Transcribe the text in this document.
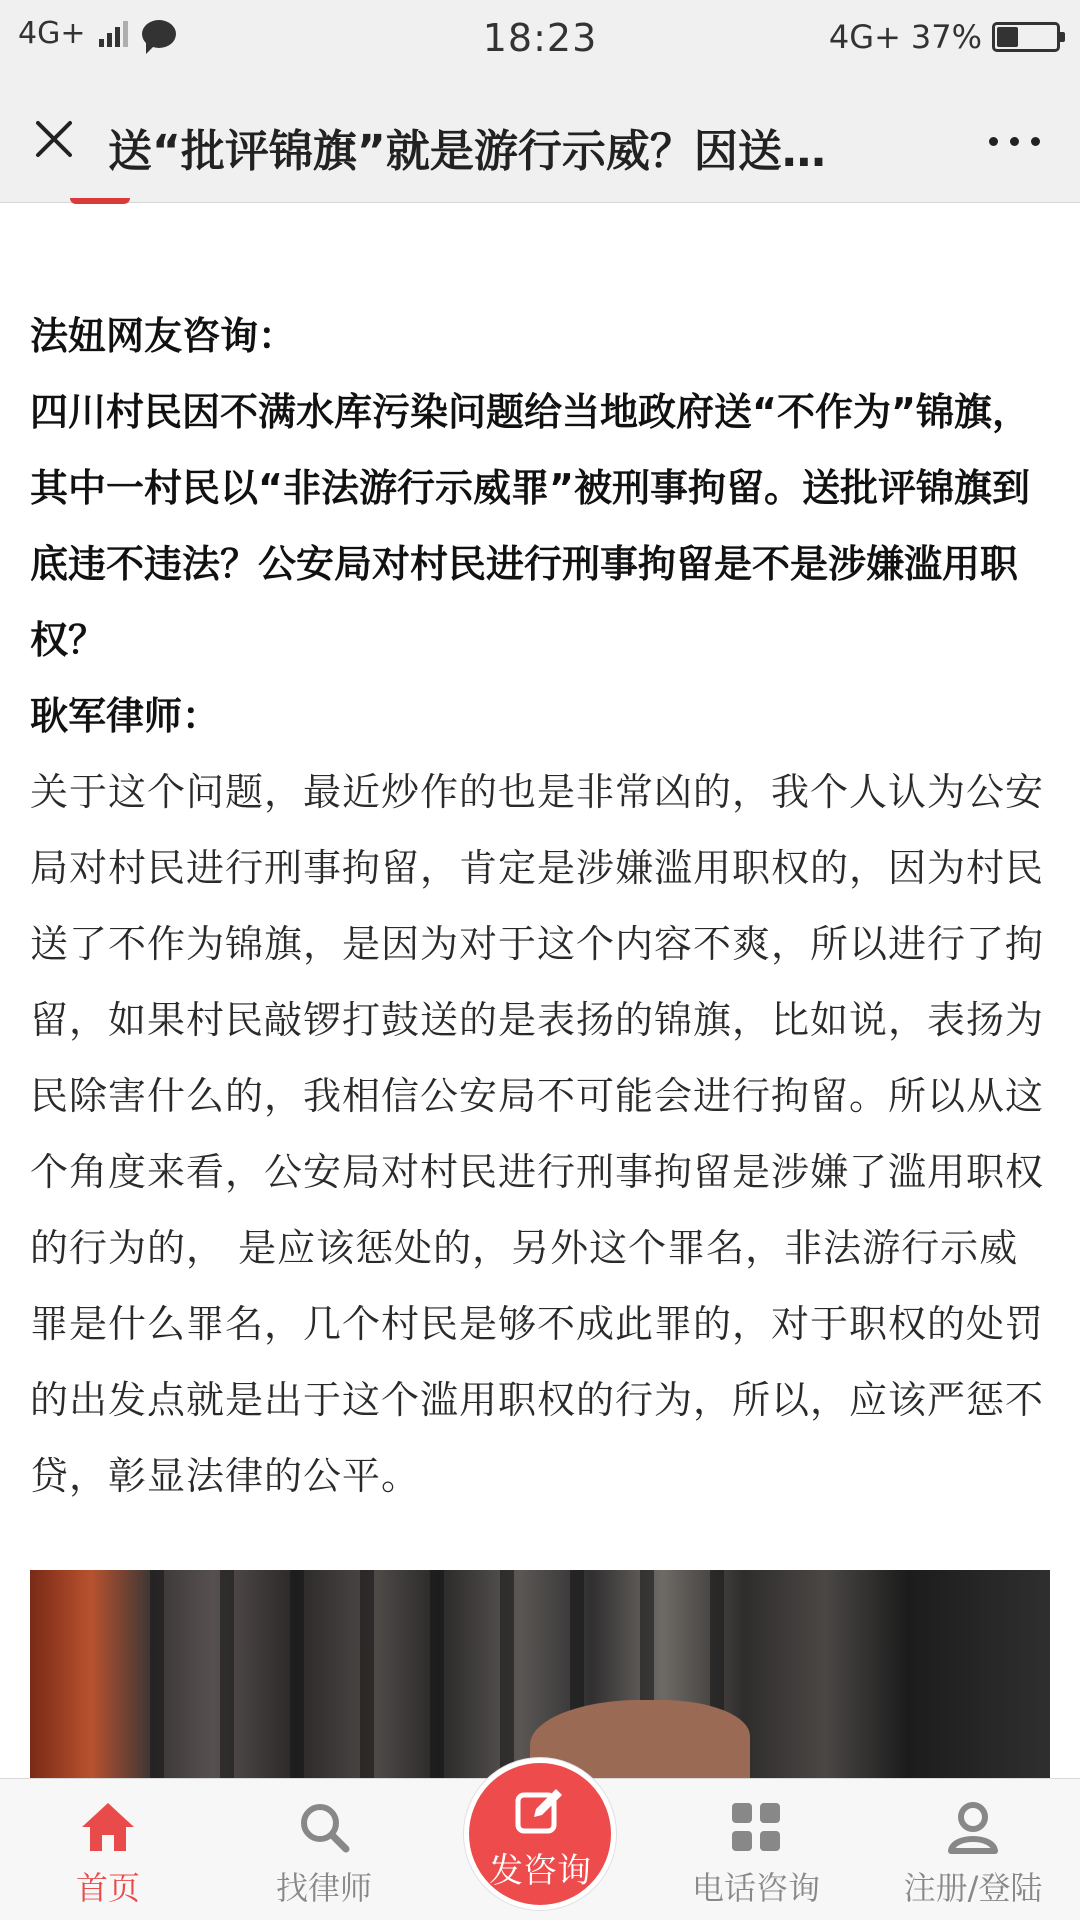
4G+	18:23	4G+ 37%
送“批评锦旗”就是游行示威？因送…

法妞网友咨询：

四川村民因不满水库污染问题给当地政府送“不作为”锦旗，其中一村民以“非法游行示威罪”被刑事拘留。送批评锦旗到底违不违法？公安局对村民进行刑事拘留是不是涉嫌滥用职权？

耿军律师：

关于这个问题，最近炒作的也是非常凶的，我个人认为公安局对村民进行刑事拘留，肯定是涉嫌滥用职权的，因为村民送了不作为锦旗，是因为对于这个内容不爽，所以进行了拘留，如果村民敲锣打鼓送的是表扬的锦旗，比如说，表扬为民除害什么的，我相信公安局不可能会进行拘留。所以从这个角度来看，公安局对村民进行刑事拘留是涉嫌了滥用职权的行为的， 是应该惩处的，另外这个罪名，非法游行示威罪是什么罪名，几个村民是够不成此罪的，对于职权的处罚的出发点就是出于这个滥用职权的行为，所以，应该严惩不贷，彰显法律的公平。

首页	找律师	电话咨询	注册/登陆
发咨询
